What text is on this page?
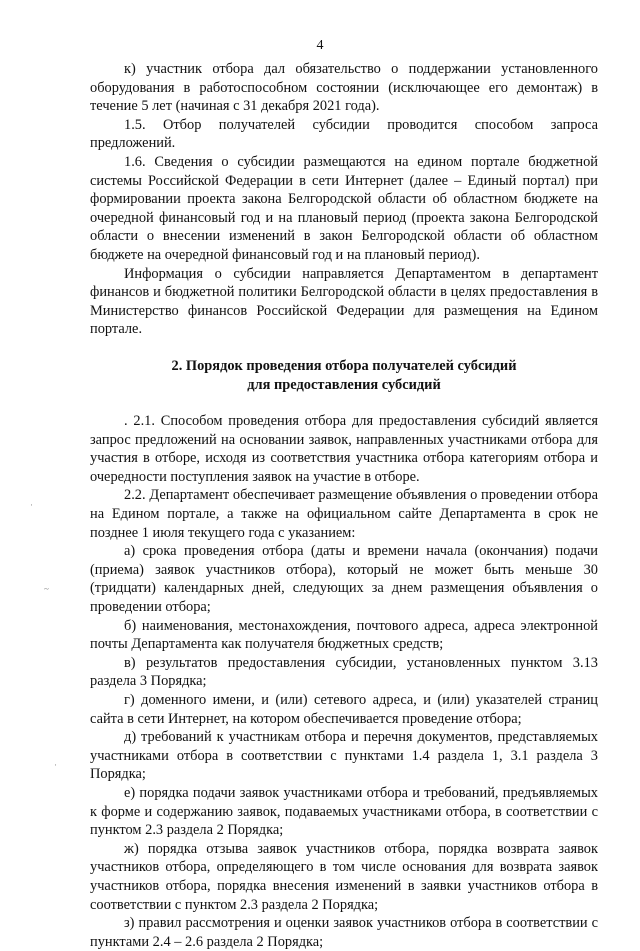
4

к) участник отбора дал обязательство о поддержании установленного оборудования в работоспособном состоянии (исключающее его демонтаж) в течение 5 лет (начиная с 31 декабря 2021 года).

1.5. Отбор получателей субсидии проводится способом запроса предложений.

1.6. Сведения о субсидии размещаются на едином портале бюджетной системы Российской Федерации в сети Интернет (далее – Единый портал) при формировании проекта закона Белгородской области об областном бюджете на очередной финансовый год и на плановый период (проекта закона Белгородской области о внесении изменений в закон Белгородской области об областном бюджете на очередной финансовый год и на плановый период).

Информация о субсидии направляется Департаментом в департамент финансов и бюджетной политики Белгородской области в целях предоставления в Министерство финансов Российской Федерации для размещения на Едином портале.

2. Порядок проведения отбора получателей субсидий
для предоставления субсидий

. 2.1. Способом проведения отбора для предоставления субсидий является запрос предложений на основании заявок, направленных участниками отбора для участия в отборе, исходя из соответствия участника отбора категориям отбора и очередности поступления заявок на участие в отборе.

2.2. Департамент обеспечивает размещение объявления о проведении отбора на Едином портале, а также на официальном сайте Департамента в срок не позднее 1 июля текущего года с указанием:

а) срока проведения отбора (даты и времени начала (окончания) подачи (приема) заявок участников отбора), который не может быть меньше 30 (тридцати) календарных дней, следующих за днем размещения объявления о проведении отбора;

б) наименования, местонахождения, почтового адреса, адреса электронной почты Департамента как получателя бюджетных средств;

в) результатов предоставления субсидии, установленных пунктом 3.13 раздела 3 Порядка;

г) доменного имени, и (или) сетевого адреса, и (или) указателей страниц сайта в сети Интернет, на котором обеспечивается проведение отбора;

д) требований к участникам отбора и перечня документов, представляемых участниками отбора в соответствии с пунктами 1.4 раздела 1, 3.1 раздела 3 Порядка;

е) порядка подачи заявок участниками отбора и требований, предъявляемых к форме и содержанию заявок, подаваемых участниками отбора, в соответствии с пунктом 2.3 раздела 2 Порядка;

ж) порядка отзыва заявок участников отбора, порядка возврата заявок участников отбора, определяющего в том числе основания для возврата заявок участников отбора, порядка внесения изменений в заявки участников отбора в соответствии с пунктом 2.3 раздела 2 Порядка;

з) правил рассмотрения и оценки заявок участников отбора в соответствии с пунктами 2.4 – 2.6 раздела 2 Порядка;

·
~
·
